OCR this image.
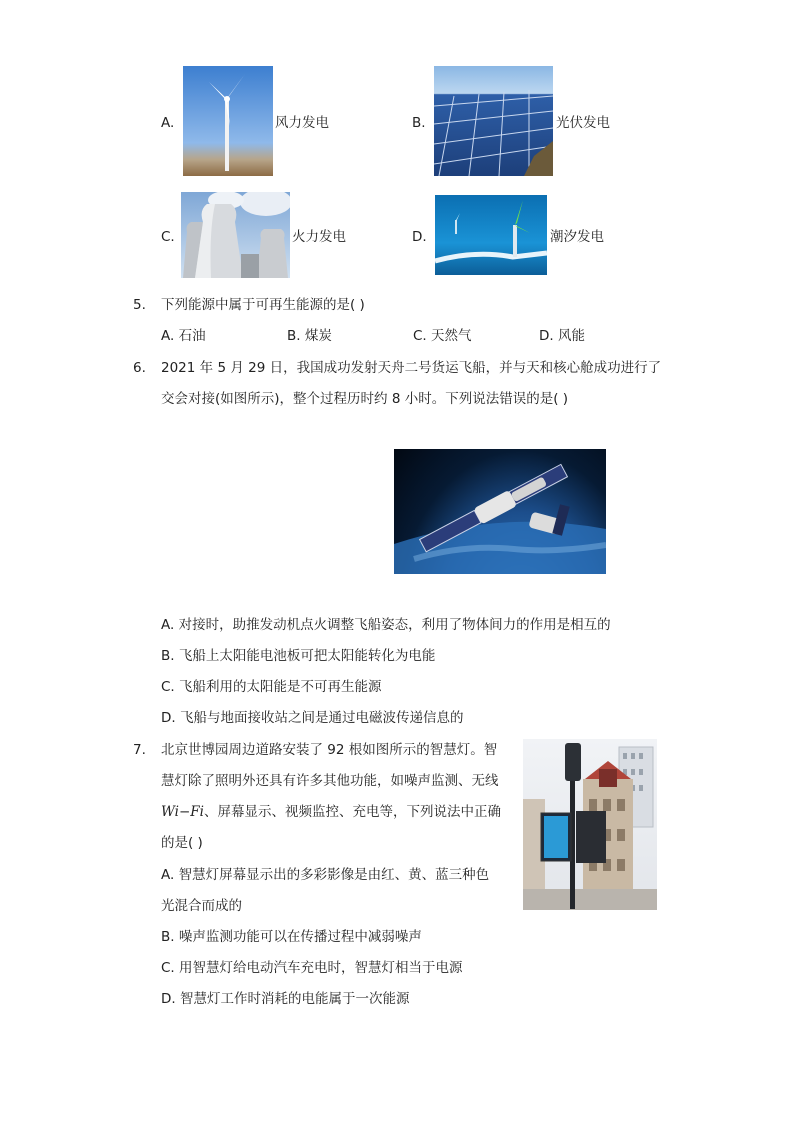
A.	风力发电	B.	光伏发电
C.	火力发电	D.	潮汐发电
5. 下列能源中属于可再生能源的是( )
A. 石油	B. 煤炭	C. 天然气	D. 风能
6. 2021 年 5 月 29 日，我国成功发射天舟二号货运飞船，并与天和核心舱成功进行了
交会对接(如图所示)，整个过程历时约 8 小时。下列说法错误的是( )
A. 对接时，助推发动机点火调整飞船姿态，利用了物体间力的作用是相互的
B. 飞船上太阳能电池板可把太阳能转化为电能
C. 飞船利用的太阳能是不可再生能源
D. 飞船与地面接收站之间是通过电磁波传递信息的
7. 北京世博园周边道路安装了 92 根如图所示的智慧灯。智
慧灯除了照明外还具有许多其他功能，如噪声监测、无线
Wi−Fi、屏幕显示、视频监控、充电等，下列说法中正确
的是( )
A. 智慧灯屏幕显示出的多彩影像是由红、黄、蓝三种色
光混合而成的
B. 噪声监测功能可以在传播过程中减弱噪声
C. 用智慧灯给电动汽车充电时，智慧灯相当于电源
D. 智慧灯工作时消耗的电能属于一次能源
